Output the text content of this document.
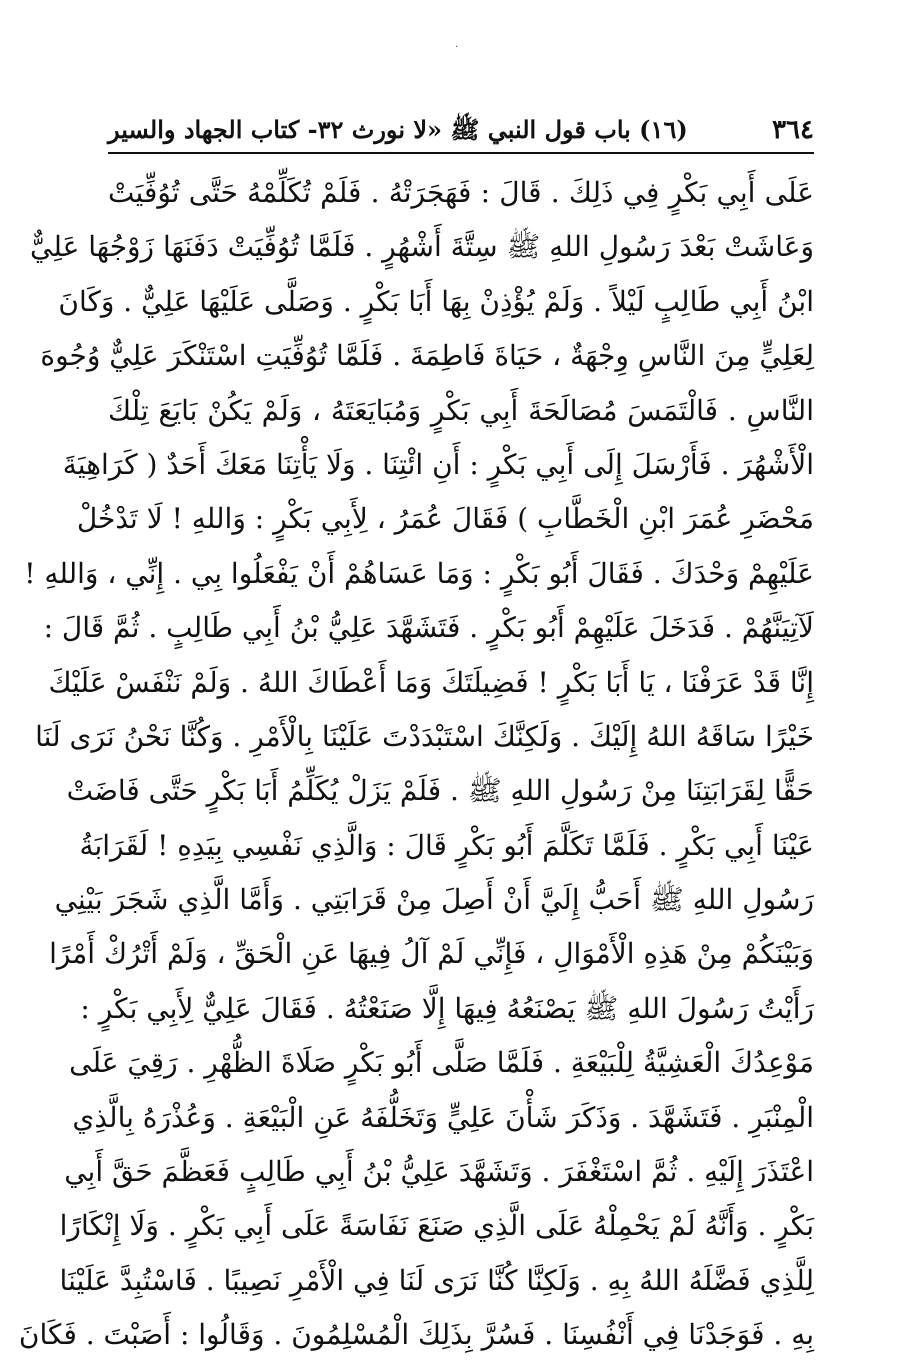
·
٣٦٤
(١٦) باب قول النبي ﷺ «لا نورث ٣٢- كتاب الجهاد والسير
عَلَى أَبِي بَكْرٍ فِي ذَلِكَ . قَالَ : فَهَجَرَتْهُ . فَلَمْ تُكَلِّمْهُ حَتَّى تُوُفِّيَتْ
وَعَاشَتْ بَعْدَ رَسُولِ اللهِ ﷺ سِتَّةَ أَشْهُرٍ . فَلَمَّا تُوُفِّيَتْ دَفَنَهَا زَوْجُهَا عَلِيٌّ
ابْنُ أَبِي طَالِبٍ لَيْلاً . وَلَمْ يُؤْذِنْ بِهَا أَبَا بَكْرٍ . وَصَلَّى عَلَيْهَا عَلِيٌّ . وَكَانَ
لِعَلِيٍّ مِنَ النَّاسِ وِجْهَةٌ ، حَيَاةَ فَاطِمَةَ . فَلَمَّا تُوُفِّيَتِ اسْتَنْكَرَ عَلِيٌّ وُجُوهَ
النَّاسِ . فَالْتَمَسَ مُصَالَحَةَ أَبِي بَكْرٍ وَمُبَايَعَتَهُ ، وَلَمْ يَكُنْ بَايَعَ تِلْكَ
الْأَشْهُرَ . فَأَرْسَلَ إِلَى أَبِي بَكْرٍ : أَنِ ائْتِنَا . وَلَا يَأْتِنَا مَعَكَ أَحَدٌ ( كَرَاهِيَةَ
مَحْضَرِ عُمَرَ ابْنِ الْخَطَّابِ ) فَقَالَ عُمَرُ ، لِأَبِي بَكْرٍ : وَاللهِ ! لَا تَدْخُلْ
عَلَيْهِمْ وَحْدَكَ . فَقَالَ أَبُو بَكْرٍ : وَمَا عَسَاهُمْ أَنْ يَفْعَلُوا بِي . إِنِّي ، وَاللهِ !
لَآتِيَنَّهُمْ . فَدَخَلَ عَلَيْهِمْ أَبُو بَكْرٍ . فَتَشَهَّدَ عَلِيُّ بْنُ أَبِي طَالِبٍ . ثُمَّ قَالَ :
إِنَّا قَدْ عَرَفْنَا ، يَا أَبَا بَكْرٍ ! فَضِيلَتَكَ وَمَا أَعْطَاكَ اللهُ . وَلَمْ نَنْفَسْ عَلَيْكَ
خَيْرًا سَاقَهُ اللهُ إِلَيْكَ . وَلَكِنَّكَ اسْتَبْدَدْتَ عَلَيْنَا بِالْأَمْرِ . وَكُنَّا نَحْنُ نَرَى لَنَا
حَقًّا لِقَرَابَتِنَا مِنْ رَسُولِ اللهِ ﷺ . فَلَمْ يَزَلْ يُكَلِّمُ أَبَا بَكْرٍ حَتَّى فَاضَتْ
عَيْنَا أَبِي بَكْرٍ . فَلَمَّا تَكَلَّمَ أَبُو بَكْرٍ قَالَ : وَالَّذِي نَفْسِي بِيَدِهِ ! لَقَرَابَةُ
رَسُولِ اللهِ ﷺ أَحَبُّ إِلَيَّ أَنْ أَصِلَ مِنْ قَرَابَتِي . وَأَمَّا الَّذِي شَجَرَ بَيْنِي
وَبَيْنَكُمْ مِنْ هَذِهِ الْأَمْوَالِ ، فَإِنِّي لَمْ آلُ فِيهَا عَنِ الْحَقِّ ، وَلَمْ أَتْرُكْ أَمْرًا
رَأَيْتُ رَسُولَ اللهِ ﷺ يَصْنَعُهُ فِيهَا إِلَّا صَنَعْتُهُ . فَقَالَ عَلِيٌّ لِأَبِي بَكْرٍ :
مَوْعِدُكَ الْعَشِيَّةُ لِلْبَيْعَةِ . فَلَمَّا صَلَّى أَبُو بَكْرٍ صَلَاةَ الظُّهْرِ . رَقِيَ عَلَى
الْمِنْبَرِ . فَتَشَهَّدَ . وَذَكَرَ شَأْنَ عَلِيٍّ وَتَخَلُّفَهُ عَنِ الْبَيْعَةِ . وَعُذْرَهُ بِالَّذِي
اعْتَذَرَ إِلَيْهِ . ثُمَّ اسْتَغْفَرَ . وَتَشَهَّدَ عَلِيُّ بْنُ أَبِي طَالِبٍ فَعَظَّمَ حَقَّ أَبِي
بَكْرٍ . وَأَنَّهُ لَمْ يَحْمِلْهُ عَلَى الَّذِي صَنَعَ نَفَاسَةً عَلَى أَبِي بَكْرٍ . وَلَا إِنْكَارًا
لِلَّذِي فَضَّلَهُ اللهُ بِهِ . وَلَكِنَّا كُنَّا نَرَى لَنَا فِي الْأَمْرِ نَصِيبًا . فَاسْتُبِدَّ عَلَيْنَا
بِهِ . فَوَجَدْنَا فِي أَنْفُسِنَا . فَسُرَّ بِذَلِكَ الْمُسْلِمُونَ . وَقَالُوا : أَصَبْتَ . فَكَانَ
